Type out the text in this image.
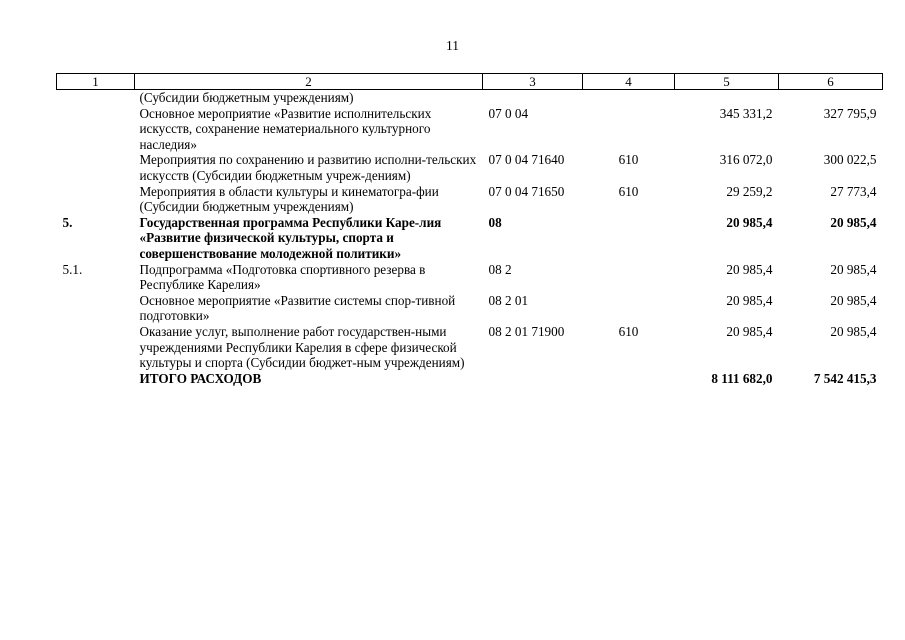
11
1	2	3	4	5	6
	(Субсидии бюджетным учреждениям)				
	Основное мероприятие «Развитие исполнительских искусств, сохранение нематериального культурного наследия»	07 0 04		345 331,2	327 795,9
	Мероприятия по сохранению и развитию исполни-тельских искусств (Субсидии бюджетным учреж-дениям)	07 0 04 71640	610	316 072,0	300 022,5
	Мероприятия в области культуры и кинематогра-фии (Субсидии бюджетным учреждениям)	07 0 04 71650	610	29 259,2	27 773,4
5.	Государственная программа Республики Каре-лия «Развитие физической культуры, спорта и совершенствование молодежной политики»	08		20 985,4	20 985,4
5.1.	Подпрограмма «Подготовка спортивного резерва в Республике Карелия»	08 2		20 985,4	20 985,4
	Основное мероприятие «Развитие системы спор-тивной подготовки»	08 2 01		20 985,4	20 985,4
	Оказание услуг, выполнение работ государствен-ными учреждениями Республики Карелия в сфере физической культуры и спорта (Субсидии бюджет-ным учреждениям)	08 2 01 71900	610	20 985,4	20 985,4
	ИТОГО РАСХОДОВ			8 111 682,0	7 542 415,3
